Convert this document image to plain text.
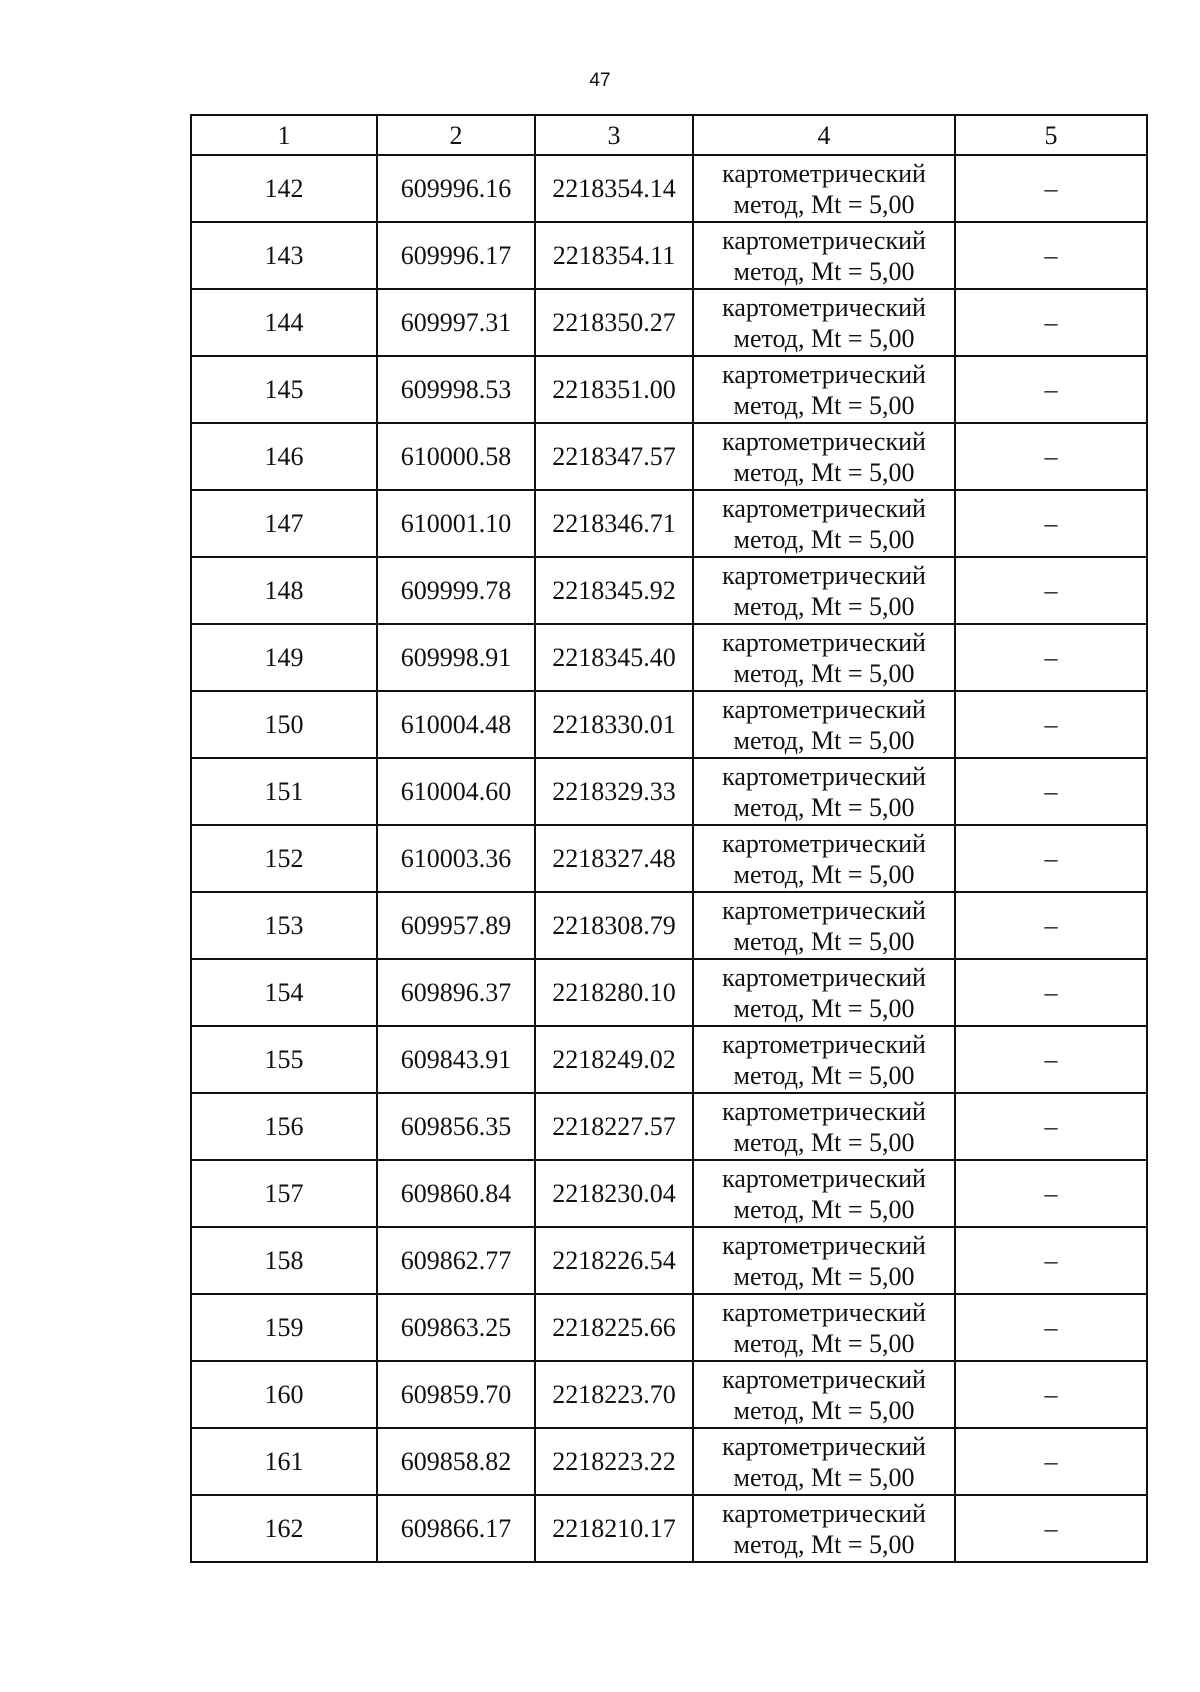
47
1	2	3	4	5
142	609996.16	2218354.14	картометрический
метод, Mt = 5,00	–
143	609996.17	2218354.11	картометрический
метод, Mt = 5,00	–
144	609997.31	2218350.27	картометрический
метод, Mt = 5,00	–
145	609998.53	2218351.00	картометрический
метод, Mt = 5,00	–
146	610000.58	2218347.57	картометрический
метод, Mt = 5,00	–
147	610001.10	2218346.71	картометрический
метод, Mt = 5,00	–
148	609999.78	2218345.92	картометрический
метод, Mt = 5,00	–
149	609998.91	2218345.40	картометрический
метод, Mt = 5,00	–
150	610004.48	2218330.01	картометрический
метод, Mt = 5,00	–
151	610004.60	2218329.33	картометрический
метод, Mt = 5,00	–
152	610003.36	2218327.48	картометрический
метод, Mt = 5,00	–
153	609957.89	2218308.79	картометрический
метод, Mt = 5,00	–
154	609896.37	2218280.10	картометрический
метод, Mt = 5,00	–
155	609843.91	2218249.02	картометрический
метод, Mt = 5,00	–
156	609856.35	2218227.57	картометрический
метод, Mt = 5,00	–
157	609860.84	2218230.04	картометрический
метод, Mt = 5,00	–
158	609862.77	2218226.54	картометрический
метод, Mt = 5,00	–
159	609863.25	2218225.66	картометрический
метод, Mt = 5,00	–
160	609859.70	2218223.70	картометрический
метод, Mt = 5,00	–
161	609858.82	2218223.22	картометрический
метод, Mt = 5,00	–
162	609866.17	2218210.17	картометрический
метод, Mt = 5,00	–
